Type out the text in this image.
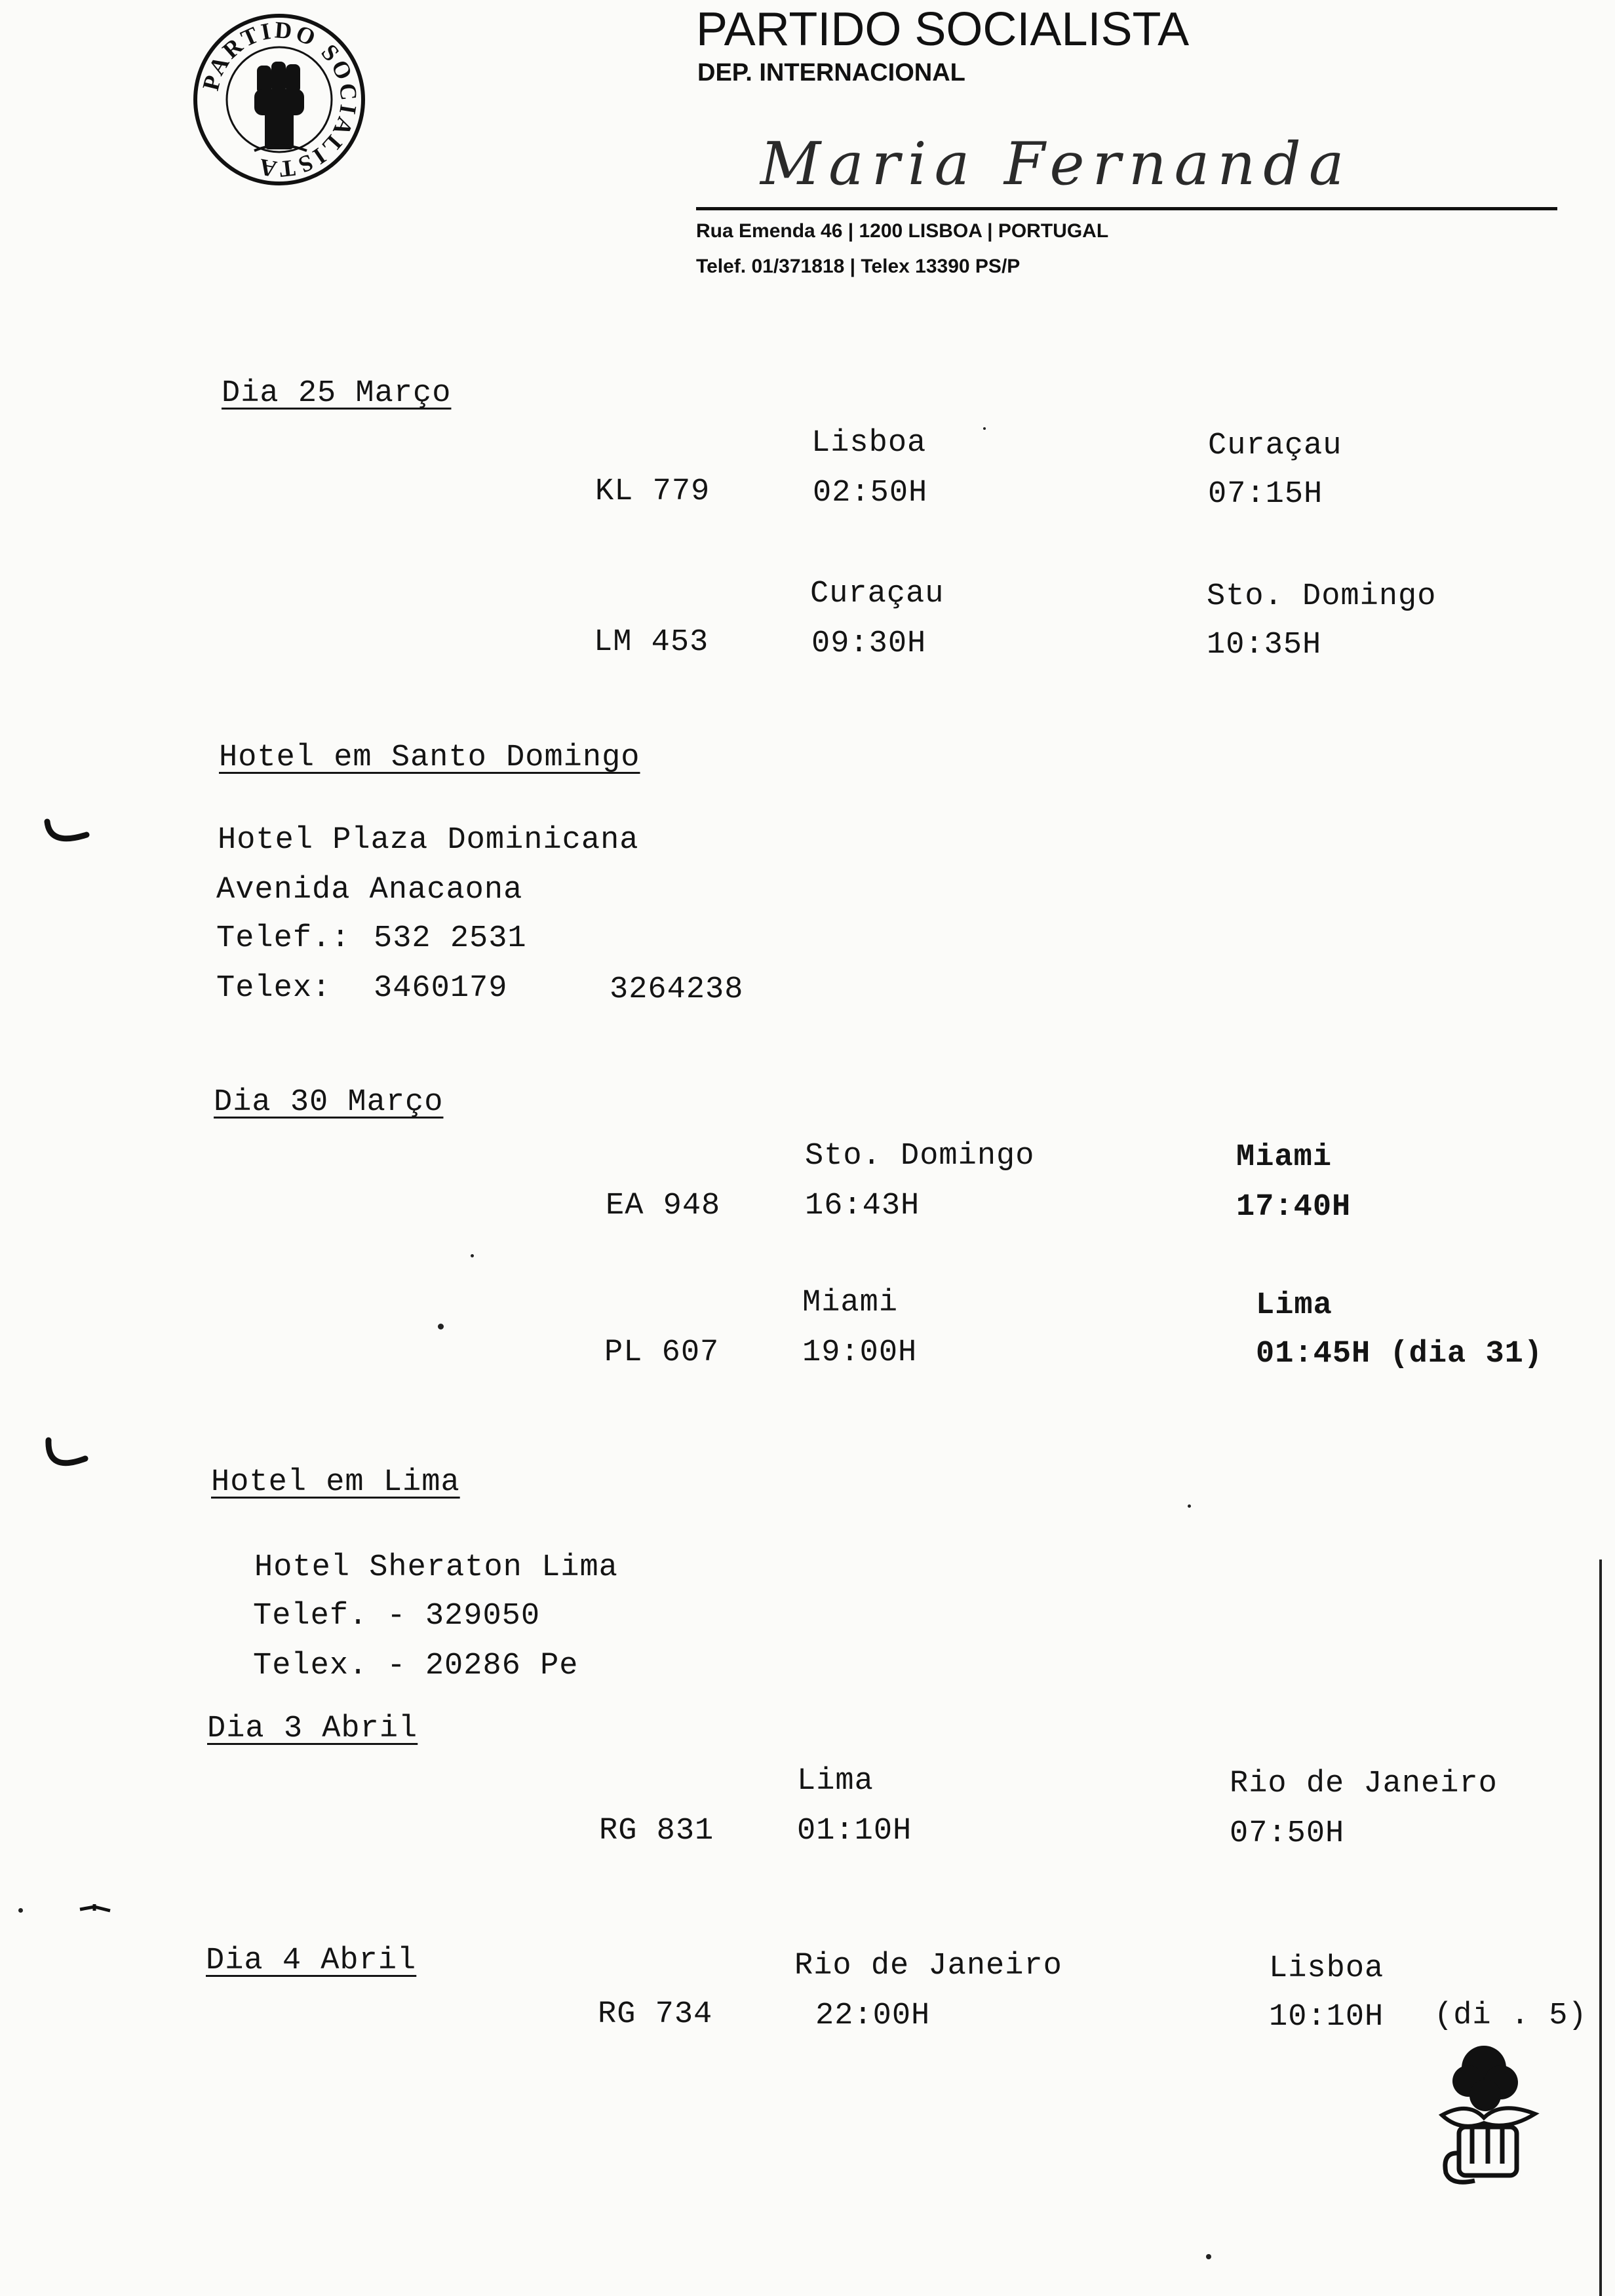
PARTIDO SOCIALISTA
PARTIDO SOCIALISTA
DEP. INTERNACIONAL
Maria Fernanda
Rua Emenda 46 | 1200 LISBOA | PORTUGAL
Telef. 01/371818 | Telex 13390 PS/P
Dia 25 Março
Lisboa	Curaçau
KL 779	02:50H	07:15H
Curaçau	Sto. Domingo
LM 453	09:30H	10:35H
Hotel em Santo Domingo
Hotel Plaza Dominicana
Avenida Anacaona
Telef.: 532 2531
Telex: 3460179	3264238
Dia 30 Março
Sto. Domingo	Miami
EA 948	16:43H	17:40H
Miami	Lima
PL 607	19:00H	01:45H (dia 31)
Hotel em Lima
Hotel Sheraton Lima
Telef. - 329050
Telex. - 20286 Pe
Dia 3 Abril
Lima	Rio de Janeiro
RG 831	01:10H	07:50H
Dia 4 Abril	Rio de Janeiro	Lisboa
RG 734	22:00H	10:10H (di . 5)
